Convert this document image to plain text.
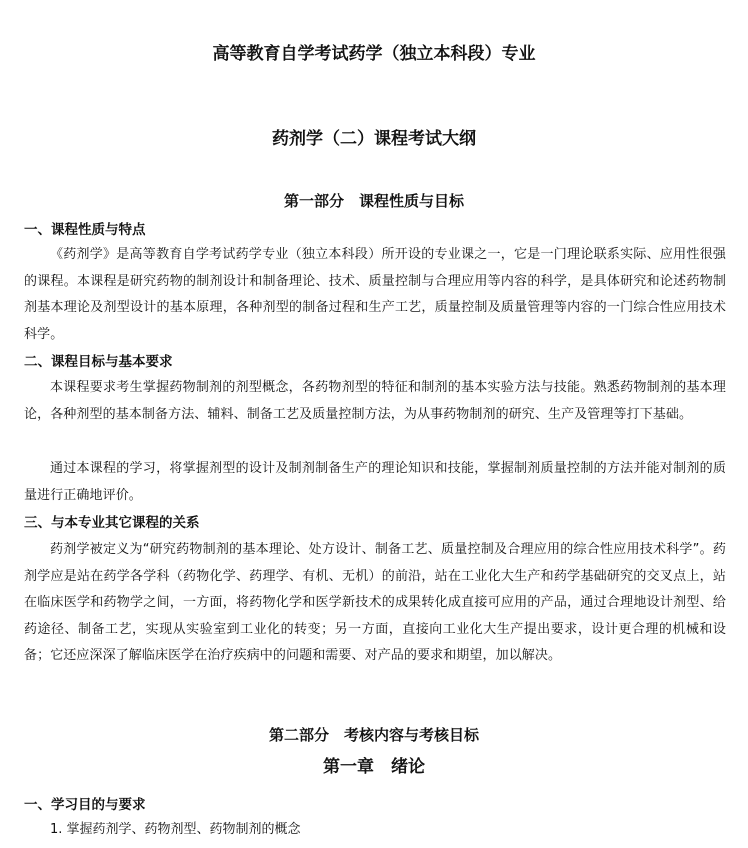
高等教育自学考试药学（独立本科段）专业
药剂学（二）课程考试大纲
第一部分　课程性质与目标
一、课程性质与特点
《药剂学》是高等教育自学考试药学专业（独立本科段）所开设的专业课之一，它是一门理论联系实际、应用性很强的课程。本课程是研究药物的制剂设计和制备理论、技术、质量控制与合理应用等内容的科学，是具体研究和论述药物制剂基本理论及剂型设计的基本原理，各种剂型的制备过程和生产工艺，质量控制及质量管理等内容的一门综合性应用技术科学。
二、课程目标与基本要求
本课程要求考生掌握药物制剂的剂型概念，各药物剂型的特征和制剂的基本实验方法与技能。熟悉药物制剂的基本理论，各种剂型的基本制备方法、辅料、制备工艺及质量控制方法，为从事药物制剂的研究、生产及管理等打下基础。
通过本课程的学习，将掌握剂型的设计及制剂制备生产的理论知识和技能，掌握制剂质量控制的方法并能对制剂的质量进行正确地评价。
三、与本专业其它课程的关系
药剂学被定义为“研究药物制剂的基本理论、处方设计、制备工艺、质量控制及合理应用的综合性应用技术科学”。药剂学应是站在药学各学科（药物化学、药理学、有机、无机）的前沿，站在工业化大生产和药学基础研究的交叉点上，站在临床医学和药物学之间，一方面，将药物化学和医学新技术的成果转化成直接可应用的产品，通过合理地设计剂型、给药途径、制备工艺，实现从实验室到工业化的转变；另一方面，直接向工业化大生产提出要求，设计更合理的机械和设备；它还应深深了解临床医学在治疗疾病中的问题和需要、对产品的要求和期望，加以解决。
第二部分　考核内容与考核目标
第一章　绪论
一、学习目的与要求
1. 掌握药剂学、药物剂型、药物制剂的概念
